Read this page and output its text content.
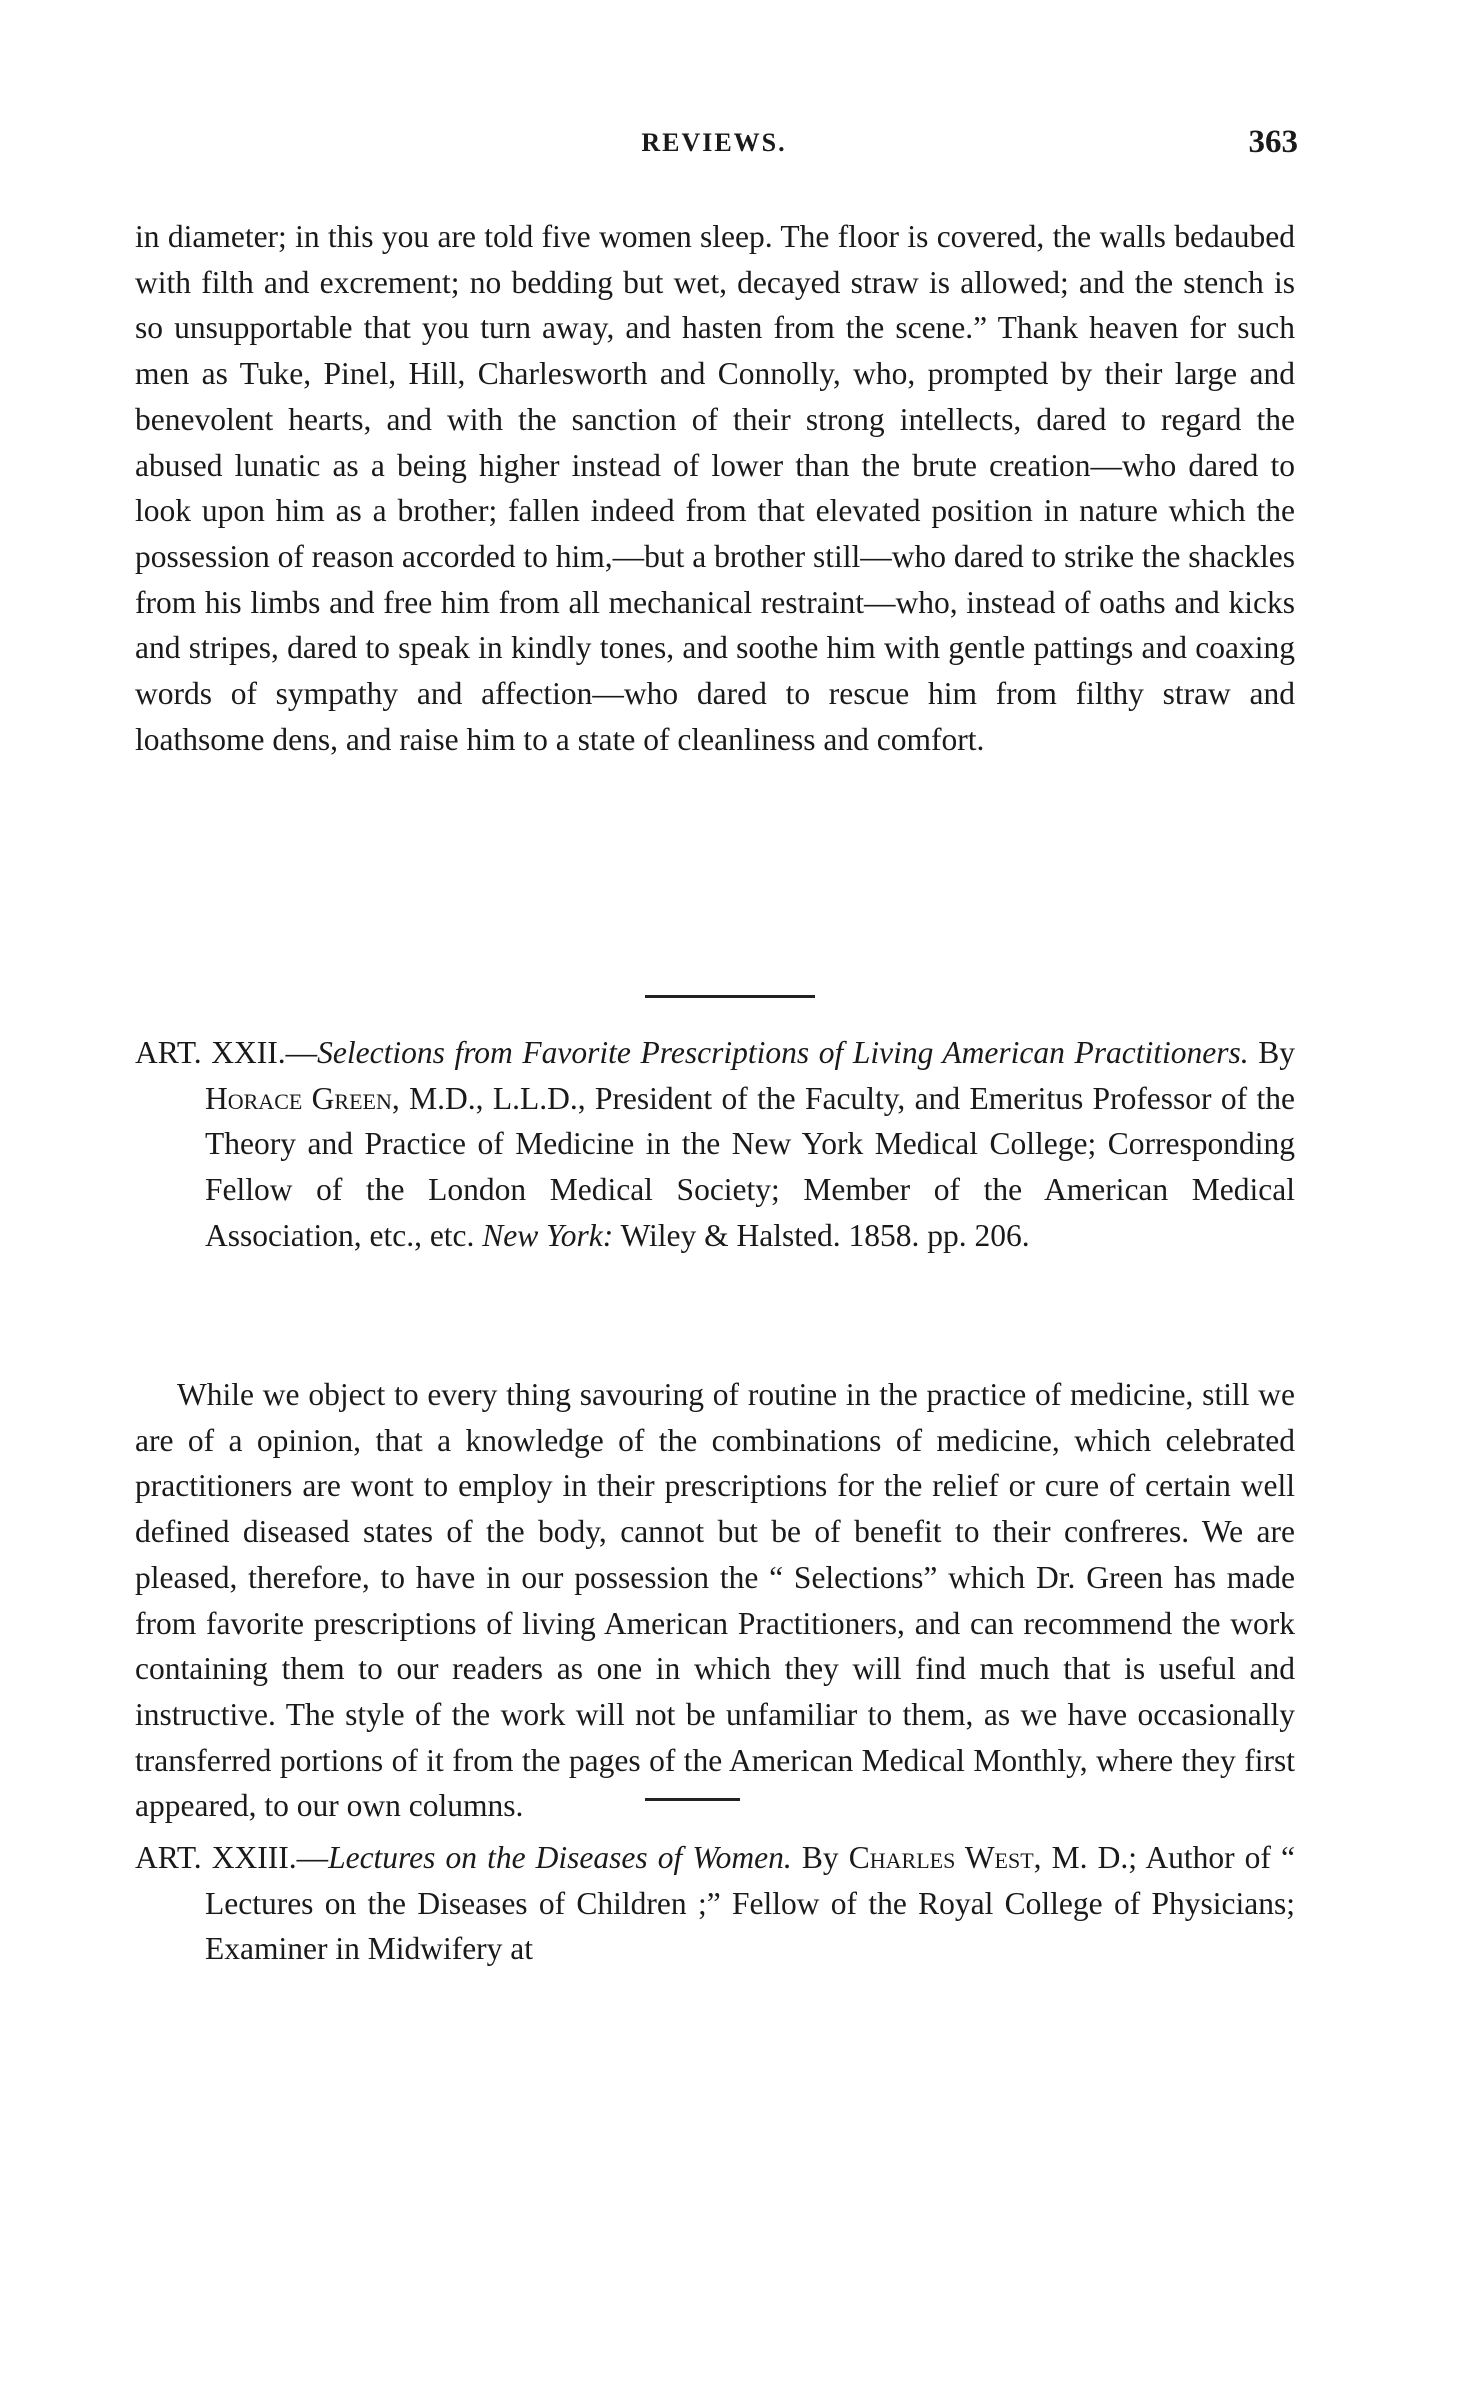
REVIEWS.	363

in diameter; in this you are told five women sleep. The floor is covered, the walls bedaubed with filth and excrement; no bedding but wet, decayed straw is allowed; and the stench is so unsupportable that you turn away, and hasten from the scene.” Thank heaven for such men as Tuke, Pinel, Hill, Charlesworth and Connolly, who, prompted by their large and benevolent hearts, and with the sanction of their strong intellects, dared to regard the abused lunatic as a being higher instead of lower than the brute creation—who dared to look upon him as a brother; fallen indeed from that elevated position in nature which the possession of reason accorded to him,—but a brother still—who dared to strike the shackles from his limbs and free him from all mechanical restraint—who, instead of oaths and kicks and stripes, dared to speak in kindly tones, and soothe him with gentle pattings and coaxing words of sympathy and affection—who dared to rescue him from filthy straw and loathsome dens, and raise him to a state of cleanliness and comfort.

ART. XXII.—Selections from Favorite Prescriptions of Living American Practitioners. By Horace Green, M.D., L.L.D., President of the Faculty, and Emeritus Professor of the Theory and Practice of Medicine in the New York Medical College; Corresponding Fellow of the London Medical Society; Member of the American Medical Association, etc., etc. New York: Wiley & Halsted. 1858. pp. 206.

While we object to every thing savouring of routine in the practice of medicine, still we are of a opinion, that a knowledge of the combinations of medicine, which celebrated practitioners are wont to employ in their prescriptions for the relief or cure of certain well defined diseased states of the body, cannot but be of benefit to their confreres. We are pleased, therefore, to have in our possession the “ Selections” which Dr. Green has made from favorite prescriptions of living American Practitioners, and can recommend the work containing them to our readers as one in which they will find much that is useful and instructive. The style of the work will not be unfamiliar to them, as we have occasionally transferred portions of it from the pages of the American Medical Monthly, where they first appeared, to our own columns.

ART. XXIII.—Lectures on the Diseases of Women. By Charles West, M. D.; Author of “ Lectures on the Diseases of Children ;” Fellow of the Royal College of Physicians; Examiner in Midwifery at
